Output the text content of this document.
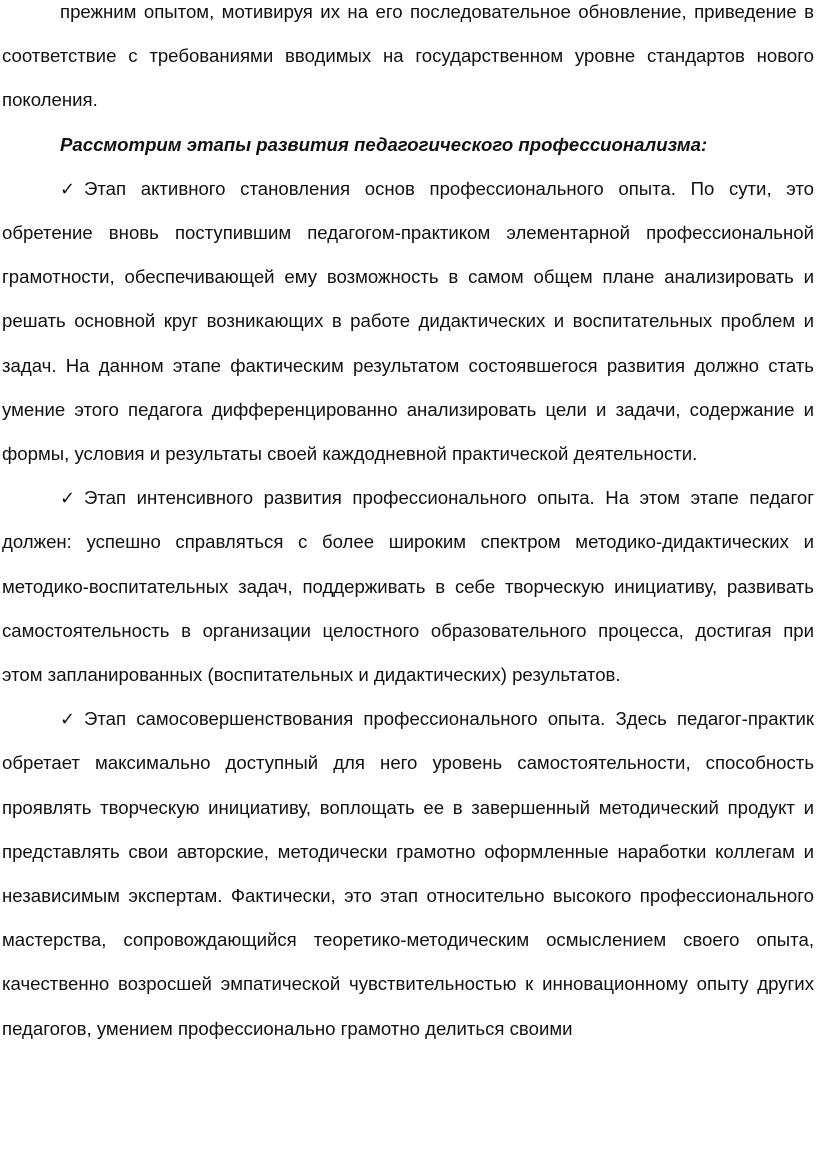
прежним опытом, мотивируя их на его последовательное обновление, приведение в соответствие с требованиями вводимых на государственном уровне стандартов нового поколения.

Рассмотрим этапы развития педагогического профессионализма:

✓ Этап активного становления основ профессионального опыта. По сути, это обретение вновь поступившим педагогом-практиком элементарной профессиональной грамотности, обеспечивающей ему возможность в самом общем плане анализировать и решать основной круг возникающих в работе дидактических и воспитательных проблем и задач. На данном этапе фактическим результатом состоявшегося развития должно стать умение этого педагога дифференцированно анализировать цели и задачи, содержание и формы, условия и результаты своей каждодневной практической деятельности.

✓ Этап интенсивного развития профессионального опыта. На этом этапе педагог должен: успешно справляться с более широким спектром методико-дидактических и методико-воспитательных задач, поддерживать в себе творческую инициативу, развивать самостоятельность в организации целостного образовательного процесса, достигая при этом запланированных (воспитательных и дидактических) результатов.

✓ Этап самосовершенствования профессионального опыта. Здесь педагог-практик обретает максимально доступный для него уровень самостоятельности, способность проявлять творческую инициативу, воплощать ее в завершенный методический продукт и представлять свои авторские, методически грамотно оформленные наработки коллегам и независимым экспертам. Фактически, это этап относительно высокого профессионального мастерства, сопровождающийся теоретико-методическим осмыслением своего опыта, качественно возросшей эмпатической чувствительностью к инновационному опыту других педагогов, умением профессионально грамотно делиться своими
